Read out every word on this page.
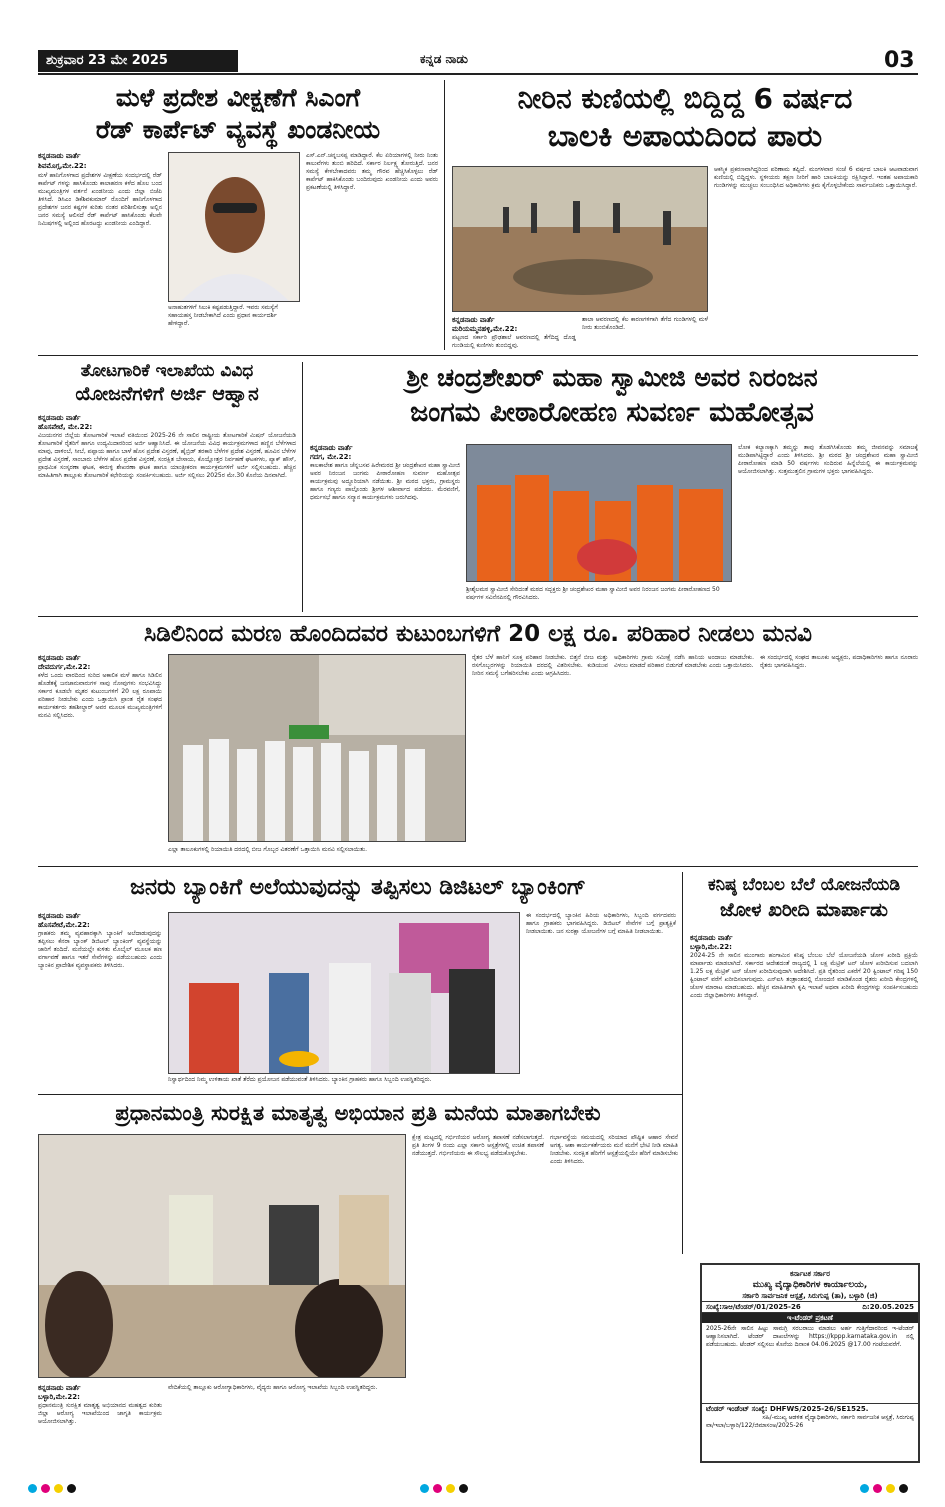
ಶುಕ್ರವಾರ 23 ಮೇ 2025	ಕನ್ನಡ ನಾಡು	03
ಮಳೆ ಪ್ರದೇಶ ವೀಕ್ಷಣೆಗೆ ಸಿಎಂಗೆ
ರೆಡ್ ಕಾರ್ಪೆಟ್ ವ್ಯವಸ್ಥೆ ಖಂಡನೀಯ
ಕನ್ನಡನಾಡು ವಾರ್ತೆ
ಶಿವಮೊಗ್ಗ,ಮೇ.22:
ಮಳೆ ಹಾನಿಗೊಳಗಾದ ಪ್ರದೇಶಗಳ ವೀಕ್ಷಣೆಯ ಸಂದರ್ಭದಲ್ಲಿ ರೆಡ್ ಕಾರ್ಪೆಟ್ ಗಳನ್ನು ಹಾಸಿಕೊಂಡು ಕಾಲಾಹರಣ ಕಳೆದ ಹೊಲ ಬಂದ ಮುಖ್ಯಮಂತ್ರಿಗಳ ವರ್ತನೆ ಖಂಡನೀಯ ಎಂದು ಜಿಲ್ಲಾ ಬಿಜೆಪಿ ತಿಳಿಸಿದೆ. ಡಿಸಿಎಂ ಡಿಕೆಶಿವಕುಮಾರ್ ರೊಂದಿಗೆ ಹಾನಿಗೊಳಗಾದ ಪ್ರದೇಶಗಳ ಜನರ ಕಷ್ಟಗಳ ಕುರಿತು ನಂತರ ಪರಿಶೀಲಿಸುತ್ತಾ ಅಲ್ಲಿನ ಜನರ ಸಮಸ್ಯೆ ಆಲಿಸದೆ ರೆಡ್ ಕಾರ್ಪೆಟ್ ಹಾಸಿಕೊಂಡು ಕೆಲವೇ ನಿಮಿಷಗಳಲ್ಲಿ ಅಲ್ಲಿಂದ ಹೊರಟದ್ದು ಖಂಡನೀಯ ಎಂದಿದ್ದಾರೆ.
ಅನಾಹುತಗಳಿಗೆ ಸಿಲುಕಿ ಕಷ್ಟಪಡುತ್ತಿದ್ದಾರೆ. ಇವರು ಸಮಸ್ಯೆಗೆ ಸಹಾಯಹಸ್ತ ನೀಡಬೇಕಾಗಿದೆ ಎಂದು ಪ್ರಧಾನ ಕಾರ್ಯದರ್ಶಿ ಹೇಳಿದ್ದಾರೆ.
ಎಸ್.ಎನ್.ಚನ್ನಬಸಪ್ಪ ಮಾಡಿದ್ದಾರೆ. ಕೆಲ ಏರಿಯಾಗಳಲ್ಲಿ ನೀರು ನಿಂತು ಕಾಲುವೆಗಳು ತುಂಬಿ ಹರಿದಿದೆ. ಸರ್ಕಾರ ನಿರ್ಲಕ್ಷ್ಯ ತೋರುತ್ತಿದೆ. ಜನರ ಸಮಸ್ಯೆ ಕೇಳಬೇಕಾದವರು ತಮ್ಮ ಗೌರವ ಹೆಚ್ಚಿಸಿಕೊಳ್ಳಲು ರೆಡ್ ಕಾರ್ಪೆಟ್ ಹಾಕಿಸಿಕೊಂಡು ಬಂದಿರುವುದು ಖಂಡನೀಯ ಎಂದು ಅವರು ಪ್ರಕಟಣೆಯಲ್ಲಿ ತಿಳಿಸಿದ್ದಾರೆ.
ನೀರಿನ ಕುಣಿಯಲ್ಲಿ ಬಿದ್ದಿದ್ದ 6 ವರ್ಷದ
ಬಾಲಕಿ ಅಪಾಯದಿಂದ ಪಾರು
ಕನ್ನಡನಾಡು ವಾರ್ತೆ
ಮರಿಯಮ್ಮನಹಳ್ಳಿ,ಮೇ.22:
ಪಟ್ಟಣದ ಸರ್ಕಾರಿ ಪ್ರೌಢಶಾಲೆ ಆವರಣದಲ್ಲಿ ತೆಗೆದಿದ್ದ ದೊಡ್ಡ ಗುಂಡಿಯಲ್ಲಿ ಕುಣಿಗಳು ತುಂಬಿದ್ದವು.
ಶಾಲಾ ಆವರಣದಲ್ಲಿ ಕೆಲ ಕಾರಣಗಳಿಗಾಗಿ ತೆಗೆದ ಗುಂಡಿಗಳಲ್ಲಿ ಮಳೆ ನೀರು ತುಂಬಿಕೊಂಡಿದೆ.
ಆಕಸ್ಮಿಕ ಪ್ರಕರಣವಾಗಿದ್ದರಿಂದ ಪರಿಣಾಮ ತಪ್ಪಿದೆ. ಮಂಗಳವಾರ ಸಂಜೆ 6 ವರ್ಷದ ಬಾಲಕಿ ಆಟವಾಡುವಾಗ ಕುಣಿಯಲ್ಲಿ ಬಿದ್ದಿದ್ದಳು. ಸ್ಥಳೀಯರು ತಕ್ಷಣ ನೀರಿಗೆ ಹಾರಿ ಬಾಲಕಿಯನ್ನು ರಕ್ಷಿಸಿದ್ದಾರೆ. ಇಂತಹ ಅಪಾಯಕಾರಿ ಗುಂಡಿಗಳನ್ನು ಮುಚ್ಚಲು ಸಂಬಂಧಿಸಿದ ಅಧಿಕಾರಿಗಳು ಕ್ರಮ ಕೈಗೊಳ್ಳಬೇಕೆಂದು ಸಾರ್ವಜನಿಕರು ಒತ್ತಾಯಿಸಿದ್ದಾರೆ.
ತೋಟಗಾರಿಕೆ ಇಲಾಖೆಯ ವಿವಿಧ
ಯೋಜನೆಗಳಿಗೆ ಅರ್ಜಿ ಆಹ್ವಾನ
ಕನ್ನಡನಾಡು ವಾರ್ತೆ
ಹೊಸಪೇಟೆ, ಮೇ.22:
ವಿಜಯನಗರ ಜಿಲ್ಲೆಯ ತೋಟಗಾರಿಕೆ ಇಲಾಖೆ ವತಿಯಿಂದ 2025-26 ನೇ ಸಾಲಿನ ರಾಷ್ಟ್ರೀಯ ತೋಟಗಾರಿಕೆ ಮಿಷನ್ ಯೋಜನೆಯಡಿ ತೋಟಗಾರಿಕೆ ರೈತರಿಗೆ ಹಾಗೂ ಉದ್ಯಮಿದಾರರಿಂದ ಅರ್ಜಿ ಆಹ್ವಾನಿಸಿದೆ. ಈ ಯೋಜನೆಯ ವಿವಿಧ ಕಾರ್ಯಕ್ರಮಗಳಾದ ಹಣ್ಣಿನ ಬೆಳೆಗಳಾದ ಮಾವು, ದಾಳಿಂಬೆ, ಸೀಬೆ, ಪಪ್ಪಾಯ ಹಾಗೂ ಬಾಳೆ ಹೊಸ ಪ್ರದೇಶ ವಿಸ್ತರಣೆ, ಹೈಬ್ರಿಡ್ ತರಕಾರಿ ಬೆಳೆಗಳ ಪ್ರದೇಶ ವಿಸ್ತರಣೆ, ಹೂವಿನ ಬೆಳೆಗಳ ಪ್ರದೇಶ ವಿಸ್ತರಣೆ, ಸಾಂಬಾರು ಬೆಳೆಗಳ ಹೊಸ ಪ್ರದೇಶ ವಿಸ್ತರಣೆ, ಸಂರಕ್ಷಿತ ಬೇಸಾಯ, ಕೊಯ್ಲೋತ್ತರ ನಿರ್ವಹಣೆ ಘಟಕಗಳು, ಪ್ಯಾಕ್ ಹೌಸ್, ಪ್ರಾಥಮಿಕ ಸಂಸ್ಕರಣಾ ಘಟಕ, ಈರುಳ್ಳಿ ಶೇಖರಣಾ ಘಟಕ ಹಾಗೂ ಯಾಂತ್ರೀಕರಣ ಕಾರ್ಯಕ್ರಮಗಳಿಗೆ ಅರ್ಜಿ ಸಲ್ಲಿಸಬಹುದು. ಹೆಚ್ಚಿನ ಮಾಹಿತಿಗಾಗಿ ತಾಲ್ಲೂಕು ತೋಟಗಾರಿಕೆ ಕಛೇರಿಯನ್ನು ಸಂಪರ್ಕಿಸಬಹುದು. ಅರ್ಜಿ ಸಲ್ಲಿಸಲು 2025ರ ಮೇ.30 ಕೊನೆಯ ದಿನವಾಗಿದೆ.
ಶ್ರೀ ಚಂದ್ರಶೇಖರ್ ಮಹಾ ಸ್ವಾಮೀಜಿ ಅವರ ನಿರಂಜನ
ಜಂಗಮ ಪೀಠಾರೋಹಣ ಸುವರ್ಣ ಮಹೋತ್ಸವ
ಕನ್ನಡನಾಡು ವಾರ್ತೆ
ಗದಗ, ಮೇ.22:
ಕಾಲಕಾಲೇಶ ಹಾಗೂ ಚೆನ್ನಬಸವ ಹಿರೇಮಠದ ಶ್ರೀ ಚಂದ್ರಶೇಖರ ಮಹಾ ಸ್ವಾಮೀಜಿ ಅವರ ನಿರಂಜನ ಜಂಗಮ ಪೀಠಾರೋಹಣ ಸುವರ್ಣ ಮಹೋತ್ಸವ ಕಾರ್ಯಕ್ರಮವು ಅದ್ದೂರಿಯಾಗಿ ನಡೆಯಿತು. ಶ್ರೀ ಮಠದ ಭಕ್ತರು, ಗ್ರಾಮಸ್ಥರು ಹಾಗೂ ಗಣ್ಯರು ಪಾಲ್ಗೊಂಡು ಶ್ರೀಗಳ ಆಶೀರ್ವಾದ ಪಡೆದರು. ಮೆರವಣಿಗೆ, ಧರ್ಮಸಭೆ ಹಾಗೂ ಸನ್ಮಾನ ಕಾರ್ಯಕ್ರಮಗಳು ಜರುಗಿದವು.
ಶ್ರೀಶೈಲಮಠ ಸ್ವಾಮೀಜಿ ಸೇರಿದಂತೆ ಮಠದ ಸದ್ಭಕ್ತರು ಶ್ರೀ ಚಂದ್ರಶೇಖರ ಮಹಾ ಸ್ವಾಮೀಜಿ ಅವರ ನಿರಂಜನ ಜಂಗಮ ಪೀಠಾರೋಹಣದ 50 ವರ್ಷಗಳ ಸವಿನೆನಪಿನಲ್ಲಿ ಗೌರವಿಸಿದರು.
ಲೋಕ ಕಲ್ಯಾಣಕ್ಕಾಗಿ ತಮ್ಮನ್ನು ತಾವು ತೊಡಗಿಸಿಕೊಂಡು ತಮ್ಮ ಜೀವನವನ್ನು ಸಮಾಜಕ್ಕೆ ಮುಡಿಪಾಗಿಟ್ಟಿದ್ದಾರೆ ಎಂದು ತಿಳಿಸಿದರು. ಶ್ರೀ ಮಠದ ಶ್ರೀ ಚಂದ್ರಶೇಖರ ಮಹಾ ಸ್ವಾಮೀಜಿ ಪೀಠಾರೋಹಣ ಮಾಡಿ 50 ವರ್ಷಗಳು ಸಂದಿರುವ ಹಿನ್ನೆಲೆಯಲ್ಲಿ ಈ ಕಾರ್ಯಕ್ರಮವನ್ನು ಆಯೋಜಿಸಲಾಗಿತ್ತು. ಸುತ್ತಮುತ್ತಲಿನ ಗ್ರಾಮಗಳ ಭಕ್ತರು ಭಾಗವಹಿಸಿದ್ದರು.
ಸಿಡಿಲಿನಿಂದ ಮರಣ ಹೊಂದಿದವರ ಕುಟುಂಬಗಳಿಗೆ 20 ಲಕ್ಷ ರೂ. ಪರಿಹಾರ ನೀಡಲು ಮನವಿ
ಕನ್ನಡನಾಡು ವಾರ್ತೆ
ದೇವದುರ್ಗ,ಮೇ.22:
ಕಳೆದ ಒಂದು ವಾರದಿಂದ ಸುರಿದ ಅಕಾಲಿಕ ಮಳೆ ಹಾಗೂ ಸಿಡಿಲಿನ ಹೊಡೆತಕ್ಕೆ ಜನಜಾನುವಾರುಗಳ ಸಾವು ನೋವುಗಳು ಸಂಭವಿಸಿದ್ದು ಸರ್ಕಾರ ಕೂಡಲೇ ಮೃತರ ಕುಟುಂಬಗಳಿಗೆ 20 ಲಕ್ಷ ರೂಪಾಯಿ ಪರಿಹಾರ ನೀಡಬೇಕು ಎಂದು ಒತ್ತಾಯಿಸಿ ಪ್ರಾಂತ ರೈತ ಸಂಘದ ಕಾರ್ಯಕರ್ತರು ತಹಶೀಲ್ದಾರ್ ಅವರ ಮೂಲಕ ಮುಖ್ಯಮಂತ್ರಿಗಳಿಗೆ ಮನವಿ ಸಲ್ಲಿಸಿದರು.
ಎಲ್ಲಾ ತಾಲೂಕುಗಳಲ್ಲಿ ರಿಯಾಯಿತಿ ದರದಲ್ಲಿ ಬೀಜ ಗೊಬ್ಬರ ವಿತರಣೆಗೆ ಒತ್ತಾಯಿಸಿ ಮನವಿ ಸಲ್ಲಿಸಲಾಯಿತು.
ರೈತರ ಬೆಳೆ ಹಾನಿಗೆ ಸೂಕ್ತ ಪರಿಹಾರ ನೀಡಬೇಕು. ಬಿತ್ತನೆ ಬೀಜ ಮತ್ತು ರಸಗೊಬ್ಬರಗಳನ್ನು ರಿಯಾಯಿತಿ ದರದಲ್ಲಿ ವಿತರಿಸಬೇಕು. ಕುಡಿಯುವ ನೀರಿನ ಸಮಸ್ಯೆ ಬಗೆಹರಿಸಬೇಕು ಎಂದು ಆಗ್ರಹಿಸಿದರು.
ಅಧಿಕಾರಿಗಳು ಗ್ರಾಮ ಸಮೀಕ್ಷೆ ನಡೆಸಿ ಹಾನಿಯ ಅಂದಾಜು ಮಾಡಬೇಕು. ವಿಳಂಬ ಮಾಡದೆ ಪರಿಹಾರ ಬಿಡುಗಡೆ ಮಾಡಬೇಕು ಎಂದು ಒತ್ತಾಯಿಸಿದರು.
ಈ ಸಂದರ್ಭದಲ್ಲಿ ಸಂಘದ ತಾಲೂಕು ಅಧ್ಯಕ್ಷರು, ಪದಾಧಿಕಾರಿಗಳು ಹಾಗೂ ನೂರಾರು ರೈತರು ಭಾಗವಹಿಸಿದ್ದರು.
ಜನರು ಬ್ಯಾಂಕಿಗೆ ಅಲೆಯುವುದನ್ನು ತಪ್ಪಿಸಲು ಡಿಜಿಟಲ್ ಬ್ಯಾಂಕಿಂಗ್
ಕನ್ನಡನಾಡು ವಾರ್ತೆ
ಹೊಸಪೇಟೆ,ಮೇ.22:
ಗ್ರಾಹಕರು ತಮ್ಮ ವ್ಯವಹಾರಕ್ಕಾಗಿ ಬ್ಯಾಂಕಿಗೆ ಅಲೆದಾಡುವುದನ್ನು ತಪ್ಪಿಸಲು ಕೆನರಾ ಬ್ಯಾಂಕ್ ಡಿಜಿಟಲ್ ಬ್ಯಾಂಕಿಂಗ್ ವ್ಯವಸ್ಥೆಯನ್ನು ಜಾರಿಗೆ ತಂದಿದೆ. ಮನೆಯಲ್ಲೇ ಕುಳಿತು ಮೊಬೈಲ್ ಮೂಲಕ ಹಣ ವರ್ಗಾವಣೆ ಹಾಗೂ ಇತರೆ ಸೇವೆಗಳನ್ನು ಪಡೆಯಬಹುದು ಎಂದು ಬ್ಯಾಂಕಿನ ಪ್ರಾದೇಶಿಕ ವ್ಯವಸ್ಥಾಪಕರು ತಿಳಿಸಿದರು.
ನಿಸ್ವಾರ್ಥದಿಂದ ನಿಮ್ಮ ಉಳಿತಾಯ ಖಾತೆ ತೆರೆದು ಪ್ರಯೋಜನ ಪಡೆಯುವಂತೆ ತಿಳಿಸಿದರು. ಬ್ಯಾಂಕಿನ ಗ್ರಾಹಕರು ಹಾಗೂ ಸಿಬ್ಬಂದಿ ಉಪಸ್ಥಿತರಿದ್ದರು.
ಈ ಸಂದರ್ಭದಲ್ಲಿ ಬ್ಯಾಂಕಿನ ಹಿರಿಯ ಅಧಿಕಾರಿಗಳು, ಸಿಬ್ಬಂದಿ ವರ್ಗದವರು ಹಾಗೂ ಗ್ರಾಹಕರು ಭಾಗವಹಿಸಿದ್ದರು. ಡಿಜಿಟಲ್ ಸೇವೆಗಳ ಬಗ್ಗೆ ಪ್ರಾತ್ಯಕ್ಷಿಕೆ ನೀಡಲಾಯಿತು. ಜನ ಸುರಕ್ಷಾ ಯೋಜನೆಗಳ ಬಗ್ಗೆ ಮಾಹಿತಿ ನೀಡಲಾಯಿತು.
ಕನಿಷ್ಠ ಬೆಂಬಲ ಬೆಲೆ ಯೋಜನೆಯಡಿ
ಜೋಳ ಖರೀದಿ ಮಾರ್ಪಾಡು
ಕನ್ನಡನಾಡು ವಾರ್ತೆ
ಬಳ್ಳಾರಿ,ಮೇ.22:
2024-25 ನೇ ಸಾಲಿನ ಮುಂಗಾರು ಹಂಗಾಮಿನ ಕನಿಷ್ಠ ಬೆಂಬಲ ಬೆಲೆ ಯೋಜನೆಯಡಿ ಜೋಳ ಖರೀದಿ ಪ್ರಕ್ರಿಯೆ ಮಾರ್ಪಾಡು ಮಾಡಲಾಗಿದೆ. ಸರ್ಕಾರದ ಆದೇಶದಂತೆ ರಾಜ್ಯದಲ್ಲಿ 1 ಲಕ್ಷ ಮೆಟ್ರಿಕ್ ಟನ್ ಜೋಳ ಖರೀದಿಸುವ ಬದಲಾಗಿ 1.25 ಲಕ್ಷ ಮೆಟ್ರಿಕ್ ಟನ್ ಜೋಳ ಖರೀದಿಸುವುದಾಗಿ ಆದೇಶಿಸಿದೆ. ಪ್ರತಿ ರೈತರಿಂದ ಎಕರೆಗೆ 20 ಕ್ವಿಂಟಾಲ್ ಗರಿಷ್ಠ 150 ಕ್ವಿಂಟಾಲ್ ವರೆಗೆ ಖರೀದಿಸಲಾಗುವುದು. ಎನ್ಐಸಿ ತಂತ್ರಾಂಶದಲ್ಲಿ ನೋಂದಣಿ ಮಾಡಿಕೊಂಡ ರೈತರು ಖರೀದಿ ಕೇಂದ್ರಗಳಲ್ಲಿ ಜೋಳ ಮಾರಾಟ ಮಾಡಬಹುದು. ಹೆಚ್ಚಿನ ಮಾಹಿತಿಗಾಗಿ ಕೃಷಿ ಇಲಾಖೆ ಅಥವಾ ಖರೀದಿ ಕೇಂದ್ರಗಳನ್ನು ಸಂಪರ್ಕಿಸಬಹುದು ಎಂದು ಜಿಲ್ಲಾಧಿಕಾರಿಗಳು ತಿಳಿಸಿದ್ದಾರೆ.
ಪ್ರಧಾನಮಂತ್ರಿ ಸುರಕ್ಷಿತ ಮಾತೃತ್ವ ಅಭಿಯಾನ ಪ್ರತಿ ಮನೆಯ ಮಾತಾಗಬೇಕು
ಕನ್ನಡನಾಡು ವಾರ್ತೆ
ಬಳ್ಳಾರಿ,ಮೇ.22:
ಪ್ರಧಾನಮಂತ್ರಿ ಸುರಕ್ಷಿತ ಮಾತೃತ್ವ ಅಭಿಯಾನದ ಮಹತ್ವದ ಕುರಿತು ಜಿಲ್ಲಾ ಆರೋಗ್ಯ ಇಲಾಖೆಯಿಂದ ಜಾಗೃತಿ ಕಾರ್ಯಕ್ರಮ ಆಯೋಜಿಸಲಾಗಿತ್ತು.
ಕ್ಷೇತ್ರ ಮಟ್ಟದಲ್ಲಿ ಗರ್ಭಿಣಿಯರ ಆರೋಗ್ಯ ತಪಾಸಣೆ ನಡೆಸಲಾಗುತ್ತದೆ. ಪ್ರತಿ ತಿಂಗಳ 9 ರಂದು ಎಲ್ಲಾ ಸರ್ಕಾರಿ ಆಸ್ಪತ್ರೆಗಳಲ್ಲಿ ಉಚಿತ ತಪಾಸಣೆ ನಡೆಯುತ್ತದೆ. ಗರ್ಭಿಣಿಯರು ಈ ಸೌಲಭ್ಯ ಪಡೆದುಕೊಳ್ಳಬೇಕು.
ವೇದಿಕೆಯಲ್ಲಿ ತಾಲ್ಲೂಕು ಆರೋಗ್ಯಾಧಿಕಾರಿಗಳು, ವೈದ್ಯರು ಹಾಗೂ ಆರೋಗ್ಯ ಇಲಾಖೆಯ ಸಿಬ್ಬಂದಿ ಉಪಸ್ಥಿತರಿದ್ದರು.
ಗರ್ಭಾವಸ್ಥೆಯ ಸಮಯದಲ್ಲಿ ಸರಿಯಾದ ಪೌಷ್ಟಿಕ ಆಹಾರ ಸೇವನೆ ಅಗತ್ಯ. ಆಶಾ ಕಾರ್ಯಕರ್ತೆಯರು ಮನೆ ಮನೆಗೆ ಭೇಟಿ ನೀಡಿ ಮಾಹಿತಿ ನೀಡಬೇಕು. ಸುರಕ್ಷಿತ ಹೆರಿಗೆಗೆ ಆಸ್ಪತ್ರೆಯಲ್ಲಿಯೇ ಹೆರಿಗೆ ಮಾಡಿಸಬೇಕು ಎಂದು ತಿಳಿಸಿದರು.
ಕರ್ನಾಟಕ ಸರ್ಕಾರ
ಮುಖ್ಯ ವೈದ್ಯಾಧಿಕಾರಿಗಳ ಕಾರ್ಯಾಲಯ,
ಸರ್ಕಾರಿ ಸಾರ್ವಜನಿಕ ಆಸ್ಪತ್ರೆ, ಸಿರುಗುಪ್ಪ (ತಾ), ಬಳ್ಳಾರಿ (ಜಿ)
ಸಂಖ್ಯೆ:ಸಾಆ/ಟೆಂಡರ್/01/2025-26	ದಿ:20.05.2025
ಇ-ಟೆಂಡರ್ ಪ್ರಕಟಣೆ
2025-26ನೇ ಸಾಲಿನ ಹಿಟ್ಟು ಸಾಮಗ್ರಿ ಸರಬರಾಜು ಮಾಡಲು ಅರ್ಹ ಗುತ್ತಿಗೆದಾರರಿಂದ ಇ-ಟೆಂಡರ್ ಆಹ್ವಾನಿಸಲಾಗಿದೆ. ಟೆಂಡರ್ ದಾಖಲೆಗಳನ್ನು https://kppp.karnataka.gov.in ನಲ್ಲಿ ಪಡೆಯಬಹುದು. ಟೆಂಡರ್ ಸಲ್ಲಿಸಲು ಕೊನೆಯ ದಿನಾಂಕ 04.06.2025 @17.00 ಗಂಟೆಯವರೆಗೆ.
ಟೆಂಡರ್ ಇಂಡೆಂಟ್ ಸಂಖ್ಯೆ: DHFWS/2025-26/SE1525.
ಸಹಿ/-ಮುಖ್ಯ ಆಡಳಿತ ವೈದ್ಯಾಧಿಕಾರಿಗಳು, ಸರ್ಕಾರಿ ಸಾರ್ವಜನಿಕ ಆಸ್ಪತ್ರೆ, ಸಿರುಗುಪ್ಪ
ವಾ/ಇಲಾ/ಬಳ್ಳಾರಿ/122/ಜಿಮಾಸಂಅ/2025-26
